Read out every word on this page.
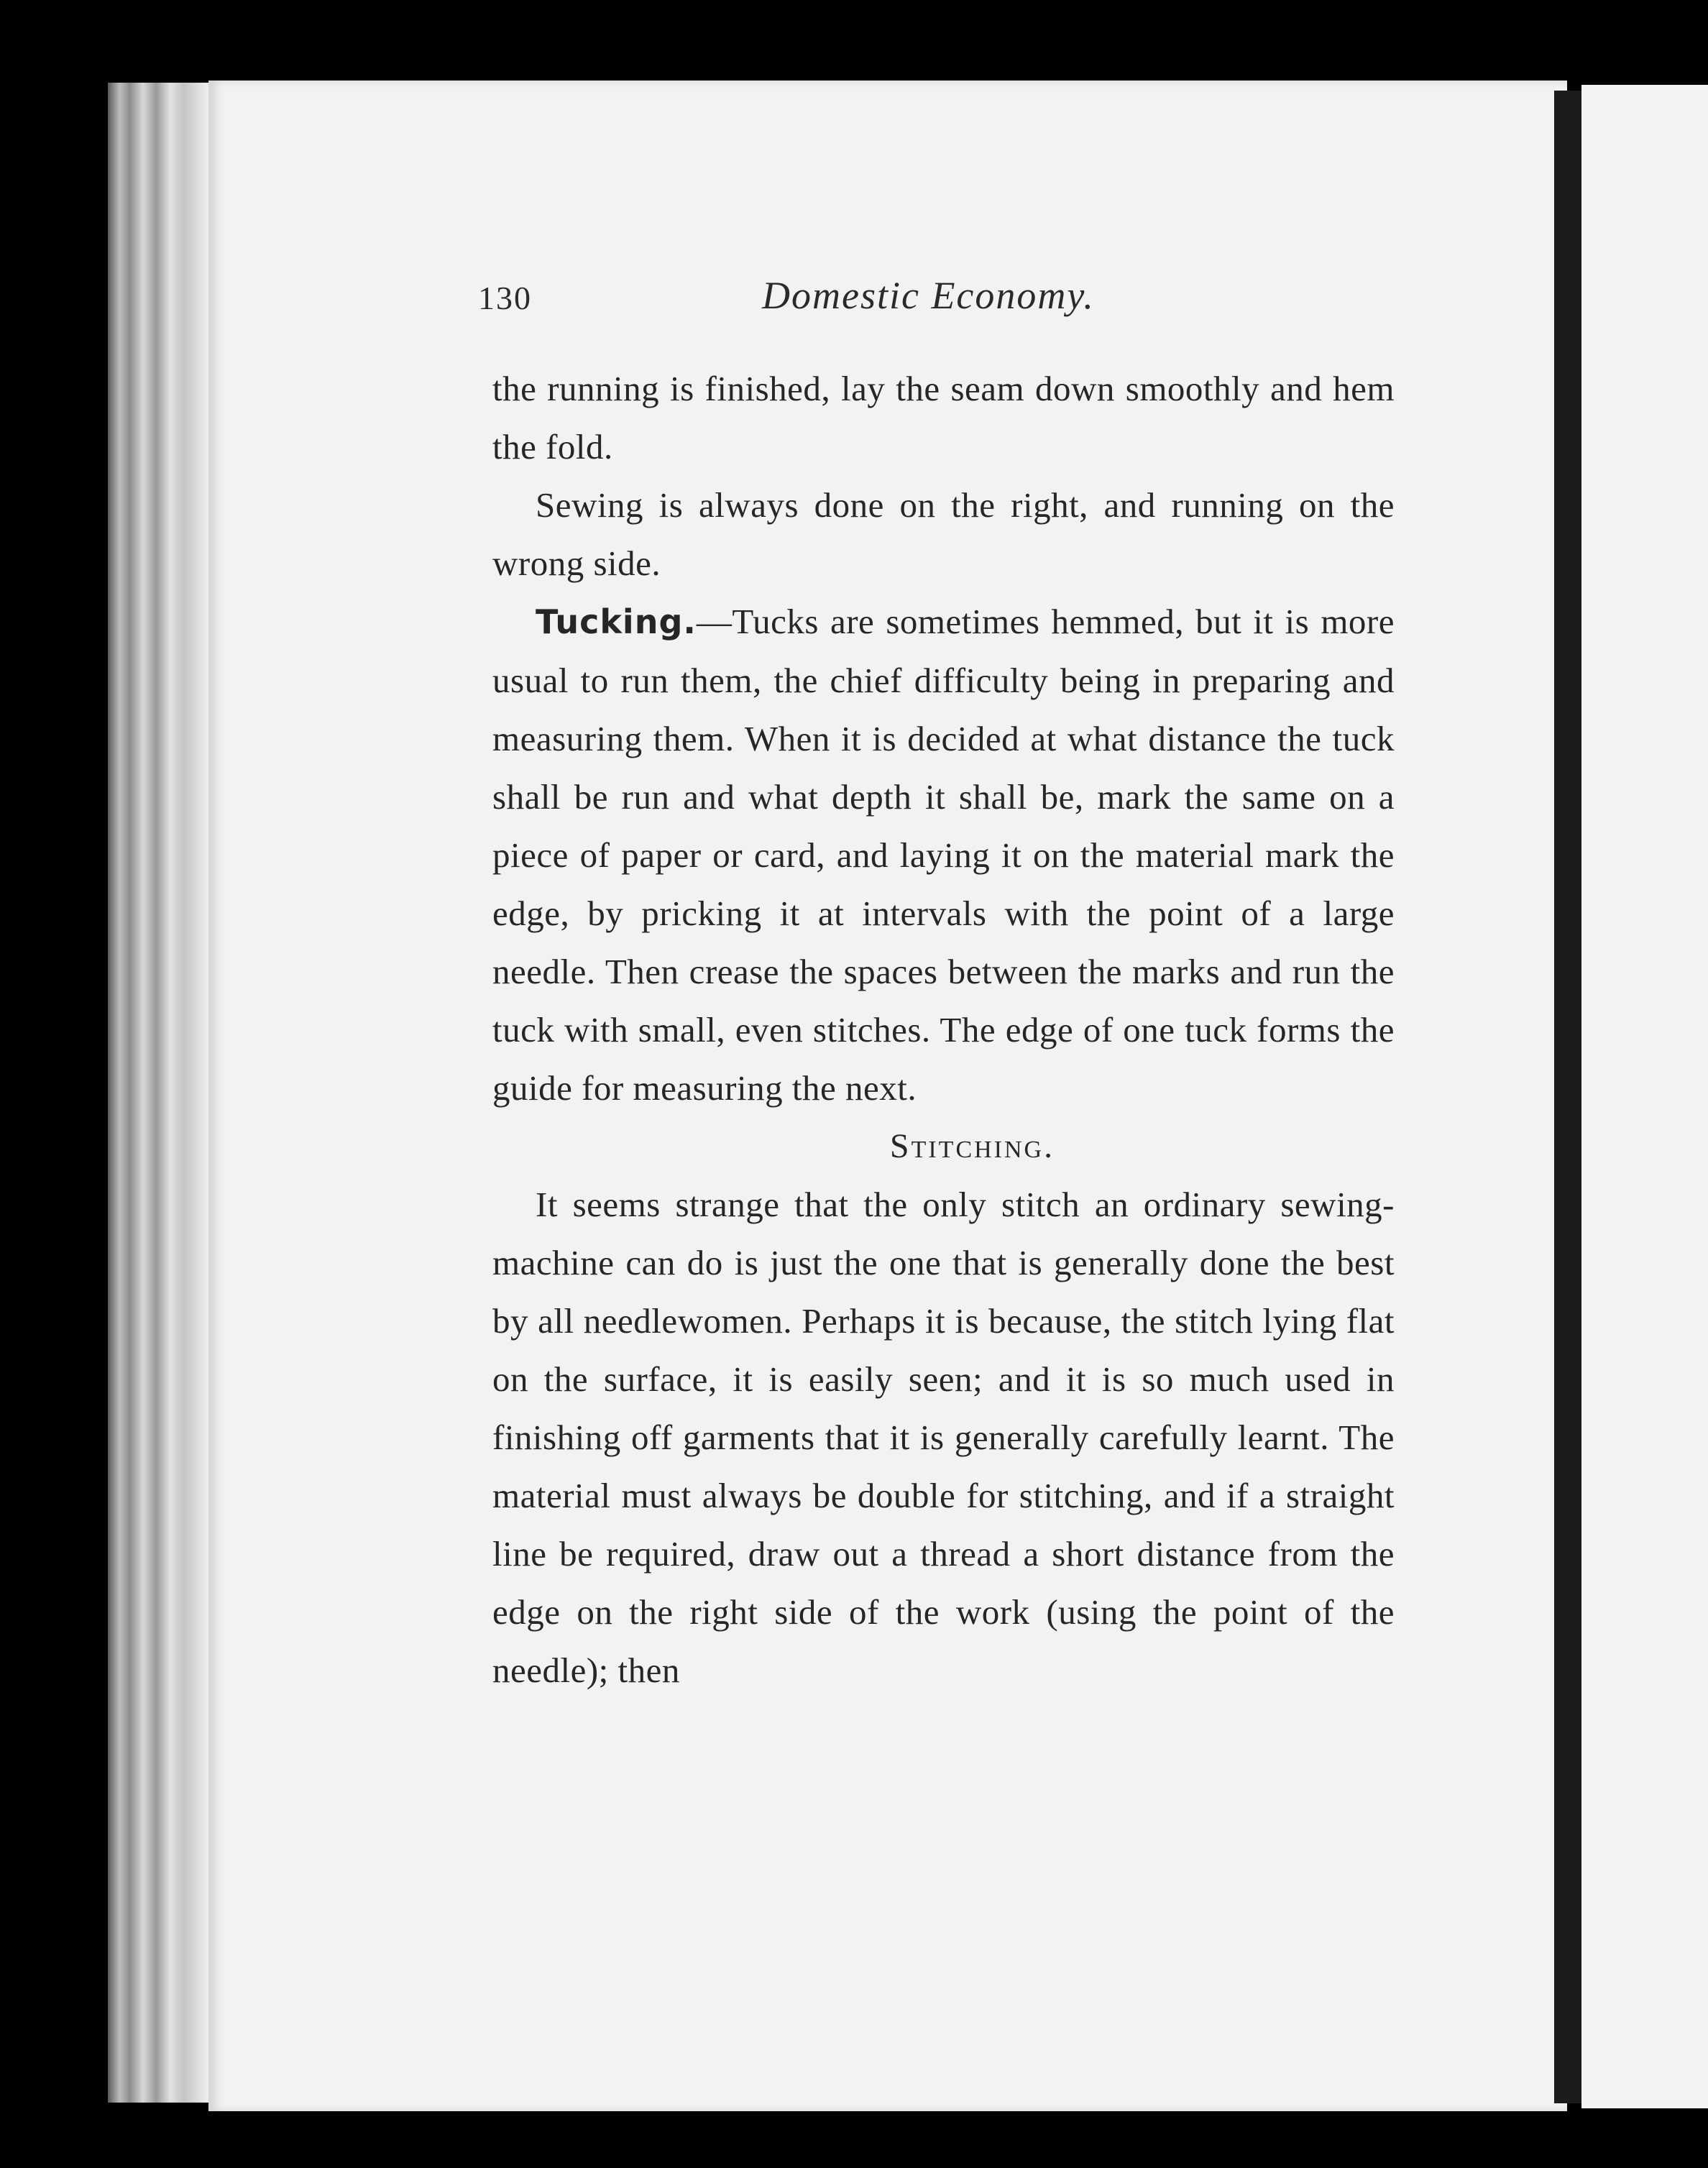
130	Domestic Economy.

the running is finished, lay the seam down smoothly and hem the fold.

Sewing is always done on the right, and running on the wrong side.

Tucking.—Tucks are sometimes hemmed, but it is more usual to run them, the chief difficulty being in preparing and measuring them. When it is decided at what distance the tuck shall be run and what depth it shall be, mark the same on a piece of paper or card, and laying it on the material mark the edge, by pricking it at intervals with the point of a large needle. Then crease the spaces between the marks and run the tuck with small, even stitches. The edge of one tuck forms the guide for measuring the next.

Stitching.

It seems strange that the only stitch an ordinary sewing-machine can do is just the one that is generally done the best by all needlewomen. Perhaps it is because, the stitch lying flat on the surface, it is easily seen; and it is so much used in finishing off garments that it is generally carefully learnt. The material must always be double for stitching, and if a straight line be required, draw out a thread a short distance from the edge on the right side of the work (using the point of the needle); then
